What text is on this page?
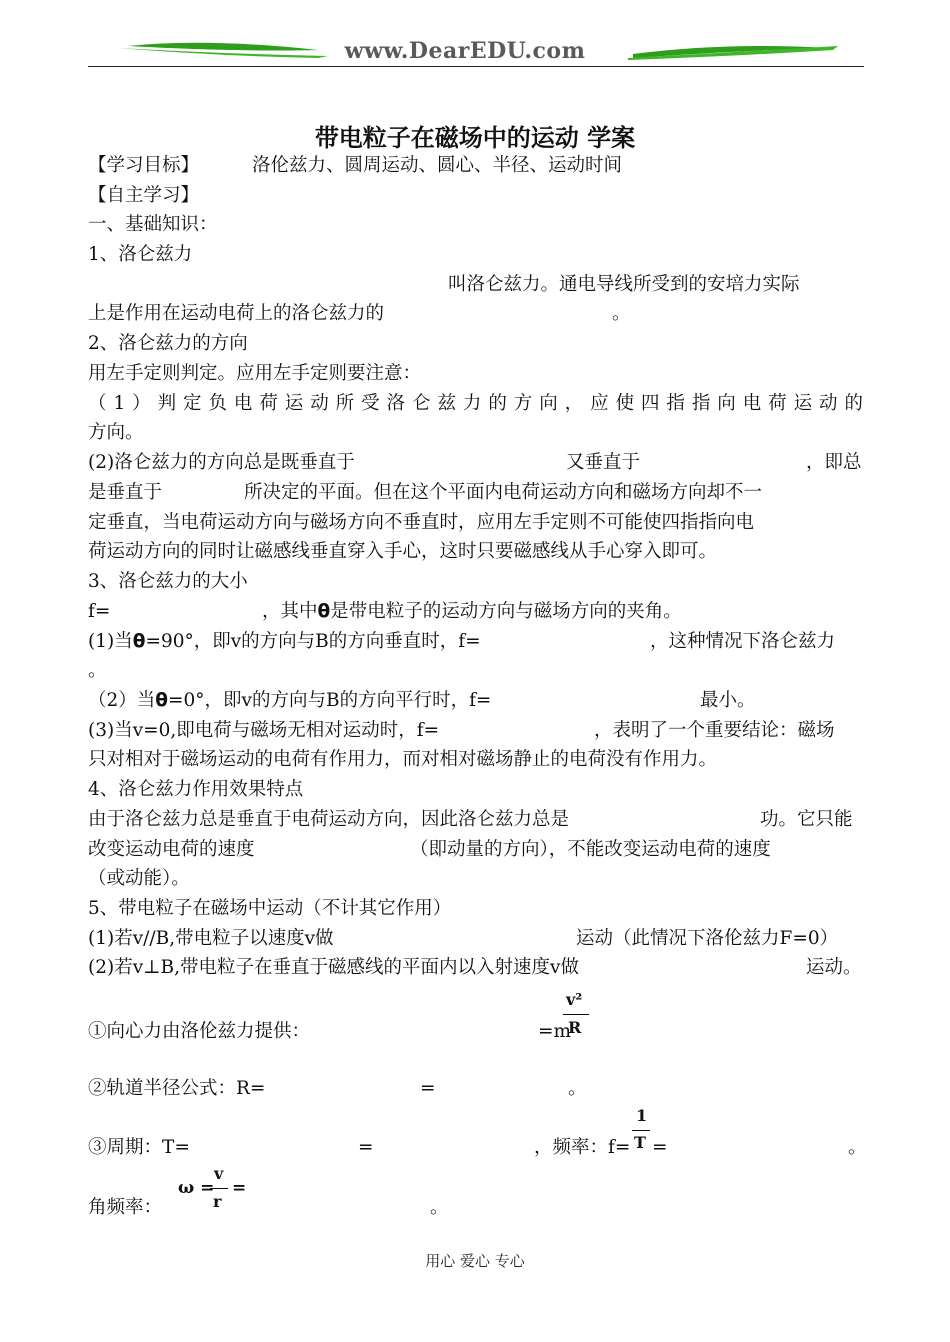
www.DearEDU.com
带电粒子在磁场中的运动 学案
【学习目标】	洛伦兹力、圆周运动、圆心、半径、运动时间
【自主学习】
一、基础知识：
1、洛仑兹力
叫洛仑兹力。通电导线所受到的安培力实际
上是作用在运动电荷上的洛仑兹力的	。
2、洛仑兹力的方向
用左手定则判定。应用左手定则要注意：
（1）判定负电荷运动所受洛仑兹力的方向，应使四指指向电荷运动的
方向。
(2)洛仑兹力的方向总是既垂直于	又垂直于	，即总
是垂直于	所决定的平面。但在这个平面内电荷运动方向和磁场方向却不一
定垂直，当电荷运动方向与磁场方向不垂直时，应用左手定则不可能使四指指向电
荷运动方向的同时让磁感线垂直穿入手心，这时只要磁感线从手心穿入即可。
3、洛仑兹力的大小
f=	，其中θ是带电粒子的运动方向与磁场方向的夹角。
(1)当θ=90°，即v的方向与B的方向垂直时，f=	，这种情况下洛仑兹力
。
（2）当θ=0°，即v的方向与B的方向平行时，f=	最小。
(3)当v=0,即电荷与磁场无相对运动时，f=	，表明了一个重要结论：磁场
只对相对于磁场运动的电荷有作用力，而对相对磁场静止的电荷没有作用力。
4、洛仑兹力作用效果特点
由于洛仑兹力总是垂直于电荷运动方向，因此洛仑兹力总是	功。它只能
改变运动电荷的速度	（即动量的方向），不能改变运动电荷的速度
（或动能）。
5、带电粒子在磁场中运动（不计其它作用）
(1)若v//B,带电粒子以速度v做	运动（此情况下洛伦兹力F=0）
(2)若v⊥B,带电粒子在垂直于磁感线的平面内以入射速度v做	运动。
①向心力由洛伦兹力提供：	=m
v²
R
②轨道半径公式：R=	=	。
③周期：T=	=	，频率：f=
1
T =	。
角频率：
ω =
v
r
=
。
用心 爱心 专心
